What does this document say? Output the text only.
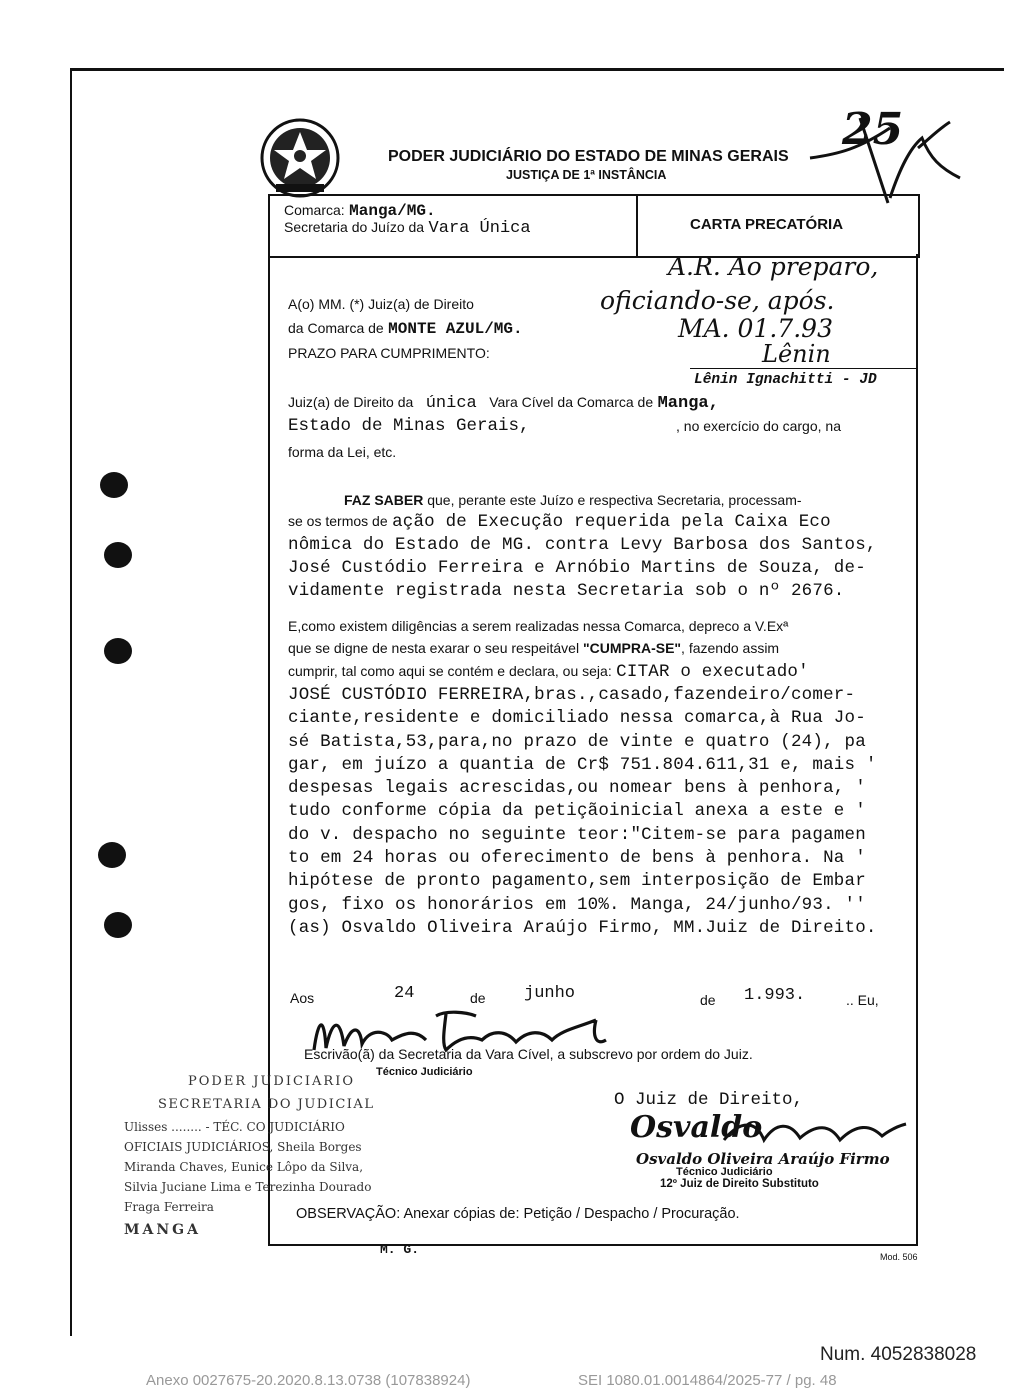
PODER JUDICIÁRIO DO ESTADO DE MINAS GERAIS
JUSTIÇA DE 1ª INSTÂNCIA
25
Comarca: Manga/MG.
Secretaria do Juízo da Vara Única	CARTA PRECATÓRIA
A(o) MM. (*) Juiz(a) de Direito
da Comarca de MONTE AZUL/MG.
PRAZO PARA CUMPRIMENTO:
A.R. Ao preparo,
oficiando-se, após.
MA. 01.7.93
Lênin
Lênin Ignachitti - JD
Juiz(a) de Direito da única Vara Cível da Comarca de Manga,
Estado de Minas Gerais,	, no exercício do cargo, na
forma da Lei, etc.
FAZ SABER que, perante este Juízo e respectiva Secretaria, processam-
se os termos de ação de Execução requerida pela Caixa Eco
nômica do Estado de MG. contra Levy Barbosa dos Santos,
José Custódio Ferreira e Arnóbio Martins de Souza, de-
vidamente registrada nesta Secretaria sob o nº 2676.
E,como existem diligências a serem realizadas nessa Comarca, depreco a V.Exª
que se digne de nesta exarar o seu respeitável "CUMPRA-SE", fazendo assim
cumprir, tal como aqui se contém e declara, ou seja: CITAR o executado'
JOSÉ CUSTÓDIO FERREIRA,bras.,casado,fazendeiro/comer-
ciante,residente e domiciliado nessa comarca,à Rua Jo-
sé Batista,53,para,no prazo de vinte e quatro (24), pa
gar, em juízo a quantia de Cr$ 751.804.611,31 e, mais '
despesas legais acrescidas,ou nomear bens à penhora, '
tudo conforme cópia da petiçãoinicial anexa a este e '
do v. despacho no seguinte teor:"Citem-se para pagamen
to em 24 horas ou oferecimento de bens à penhora. Na '
hipótese de pronto pagamento,sem interposição de Embar
gos, fixo os honorários em 10%. Manga, 24/junho/93. ''
(as) Osvaldo Oliveira Araújo Firmo, MM.Juiz de Direito.
Aos	24	de junho	de 1.993.	.. Eu,
Escrivão(ã) da Secretaria da Vara Cível, a subscrevo por ordem do Juiz.
Técnico Judiciário
O Juiz de Direito,
Osvaldo
Osvaldo Oliveira Araújo Firmo
Técnico Judiciário
12º Juiz de Direito Substituto
PODER JUDICIARIO
SECRETARIA DO JUDICIAL
Ulisses ........ - TÉC. CO JUDICIÁRIO
OFICIAIS JUDICIÁRIOS, Sheila Borges
Miranda Chaves, Eunice Lôpo da Silva,
Silvia Juciane Lima e Terezinha Dourado
Fraga Ferreira
MANGA
M. G.
OBSERVAÇÃO: Anexar cópias de: Petição / Despacho / Procuração.
Mod. 506
Num. 4052838028
Anexo 0027675-20.2020.8.13.0738 (107838924)	SEI 1080.01.0014864/2025-77 / pg. 48
